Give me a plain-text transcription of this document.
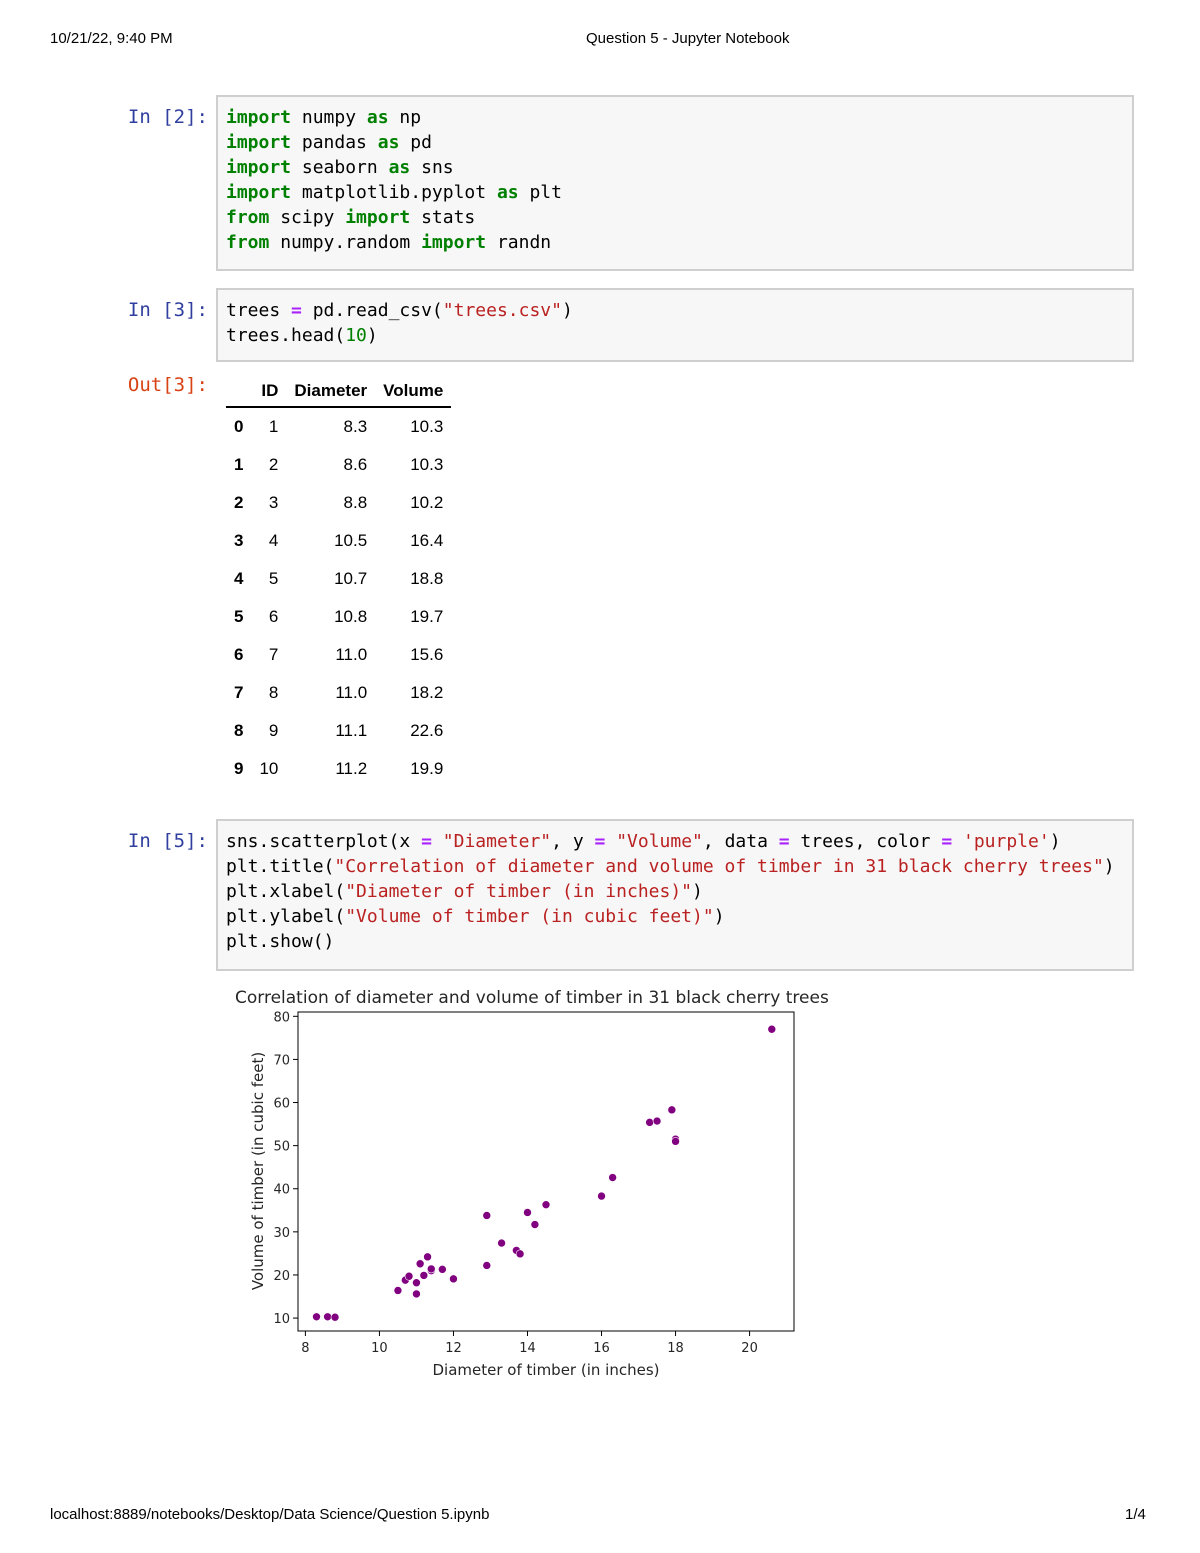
10/21/22, 9:40 PM	Question 5 - Jupyter Notebook
In [2]:	import numpy as np
import pandas as pd
import seaborn as sns
import matplotlib.pyplot as plt
from scipy import stats
from numpy.random import randn
In [3]:	trees = pd.read_csv("trees.csv")
trees.head(10)
Out[3]:
		ID	Diameter	Volume
0	1	8.3	10.3
1	2	8.6	10.3
2	3	8.8	10.2
3	4	10.5	16.4
4	5	10.7	18.8
5	6	10.8	19.7
6	7	11.0	15.6
7	8	11.0	18.2
8	9	11.1	22.6
9	10	11.2	19.9
In [5]:	sns.scatterplot(x = "Diameter", y = "Volume", data = trees, color = 'purple')
plt.title("Correlation of diameter and volume of timber in 31 black cherry trees")
plt.xlabel("Diameter of timber (in inches)")
plt.ylabel("Volume of timber (in cubic feet)")
plt.show()
Correlation of diameter and volume of timber in 31 black cherry trees
10
20
30
40
50
60
70
80
8	10	12	14	16	18	20
Diameter of timber (in inches)
Volume of timber (in cubic feet)
localhost:8889/notebooks/Desktop/Data Science/Question 5.ipynb	1/4
